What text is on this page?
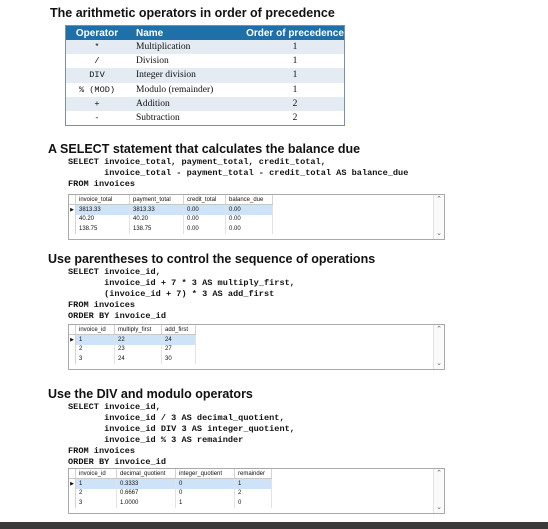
The arithmetic operators in order of precedence
Operator	Name	Order of precedence
*	Multiplication	1
/	Division	1
DIV	Integer division	1
% (MOD)	Modulo (remainder)	1
+	Addition	2
-	Subtraction	2
A SELECT statement that calculates the balance due
SELECT invoice_total, payment_total, credit_total,
invoice_total - payment_total - credit_total AS balance_due
FROM invoices
	invoice_total	payment_total	credit_total	balance_due
▶	3813.33	3813.33	0.00	0.00
	40.20	40.20	0.00	0.00
	138.75	138.75	0.00	0.00
⌃
⌄
Use parentheses to control the sequence of operations
SELECT invoice_id,
invoice_id + 7 * 3 AS multiply_first,
(invoice_id + 7) * 3 AS add_first
FROM invoices
ORDER BY invoice_id
	invoice_id	multiply_first	add_first
▶	1	22	24
	2	23	27
	3	24	30
⌃
⌄
Use the DIV and modulo operators
SELECT invoice_id,
invoice_id / 3 AS decimal_quotient,
invoice_id DIV 3 AS integer_quotient,
invoice_id % 3 AS remainder
FROM invoices
ORDER BY invoice_id
	invoice_id	decimal_quotient	integer_quotient	remainder
▶	1	0.3333	0	1
	2	0.6667	0	2
	3	1.0000	1	0
⌃
⌄
